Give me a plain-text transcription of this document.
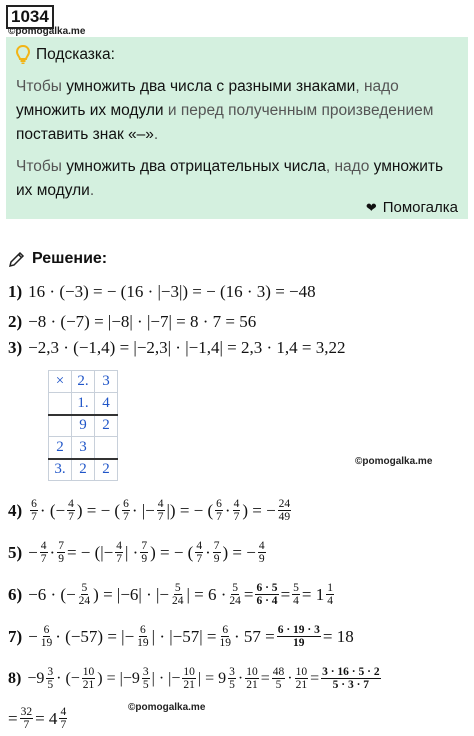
1034
©pomogalka.me
Подсказка:

Чтобы умножить два числа с разными знаками, надо умножить их модули и перед полученным произведением поставить знак «–».

Чтобы умножить два отрицательных числа, надо умножить их модули.

❤ Помогалка
Решение:
1) 16 · (−3) = − (16 · |−3|) = − (16 · 3) = −48
2) −8 · (−7) = |−8| · |−7| = 8 · 7 = 56
3) −2,3 · (−1,4) = |−2,3| · |−1,4| = 2,3 · 1,4 = 3,22
×	2.	3
	1.	4
	9	2
2	3	
3.	2	2	©pomogalka.me
$4) \frac{6}{7}$ · (− $\frac{4}{7}$ ) = − ( $\frac{6}{7}$ · |− $\frac{4}{7}$ | ) = − ( $\frac{6}{7} \cdot \frac{4}{7}$ ) = − $\frac{24}{49}$
$5) - \frac{4}{7} \cdot \frac{7}{9}$ = − (|− $\frac{4}{7}$ | · $\frac{7}{9}$ ) = − ( $\frac{4}{7} \cdot \frac{7}{9}$ ) = − $\frac{4}{9}$
6) −6 · (− $\frac{5}{24}$ ) = |−6| · |− $\frac{5}{24}$ | = $6 \cdot \frac{5}{24} = \frac{6 \cdot 5}{6 \cdot 4} = \frac{5}{4} = 1 \frac{1}{4}$
$7) - \frac{6}{19} \cdot (-57)$ = |− $\frac{6}{19}$ | · $|-57| = \frac{6}{19} \cdot 57 = \frac{6 \cdot 19 \cdot 3}{19} = 18$
$8) -9 \frac{3}{5}$ · (− $\frac{10}{21}$ ) = $|-9 \frac{3}{5}$ | · |− $\frac{10}{21}$ | = $9 \frac{3}{5} \cdot \frac{10}{21} = \frac{48}{5} \cdot \frac{10}{21} = \frac{3 \cdot 16 \cdot 5 \cdot 2}{5 \cdot 3 \cdot 7}$
= $\frac{32}{7} = 4 \frac{4}{7}$	©pomogalka.me
